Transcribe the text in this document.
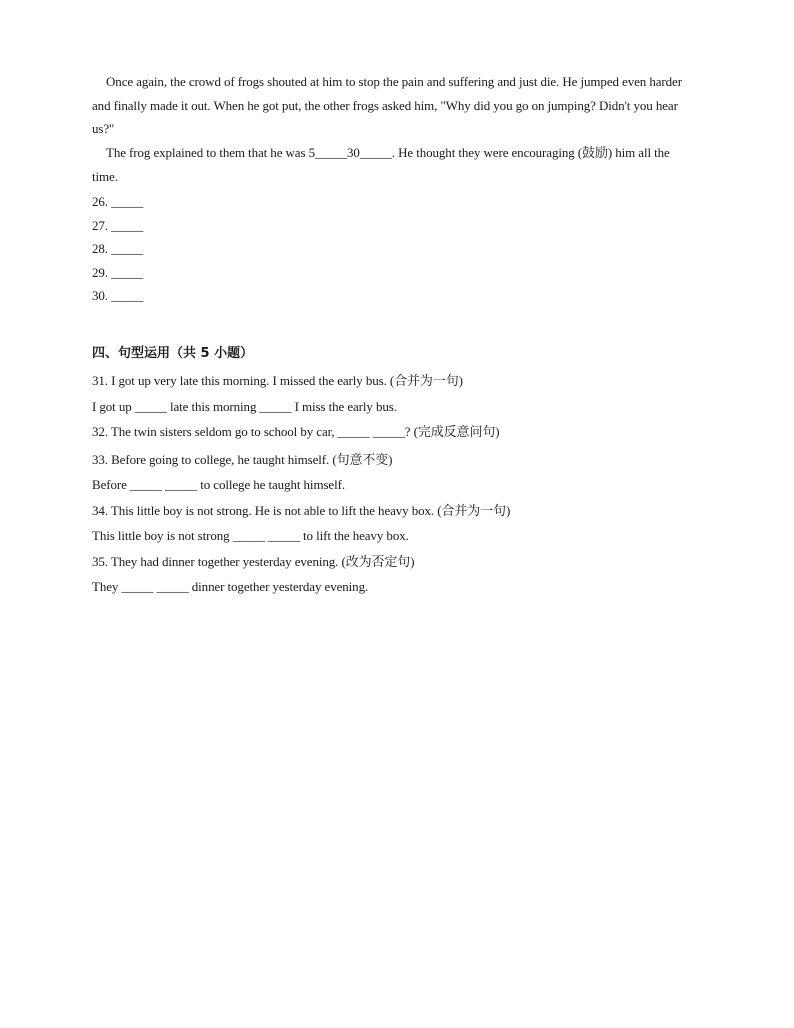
Once again, the crowd of frogs shouted at him to stop the pain and suffering and just die. He jumped even harder and finally made it out. When he got put, the other frogs asked him, "Why did you go on jumping? Didn't you hear us?"

The frog explained to them that he was 5_____30_____. He thought they were encouraging (鼓励) him all the time.

26. _____

27. _____

28. _____

29. _____

30. _____

四、句型运用（共 5 小题）

31. I got up very late this morning. I missed the early bus. (合并为一句)

I got up _____ late this morning _____ I miss the early bus.

32. The twin sisters seldom go to school by car, _____ _____? (完成反意问句)

33. Before going to college, he taught himself. (句意不变)

Before _____ _____ to college he taught himself.

34. This little boy is not strong. He is not able to lift the heavy box. (合并为一句)

This little boy is not strong _____ _____ to lift the heavy box.

35. They had dinner together yesterday evening. (改为否定句)

They _____ _____ dinner together yesterday evening.
